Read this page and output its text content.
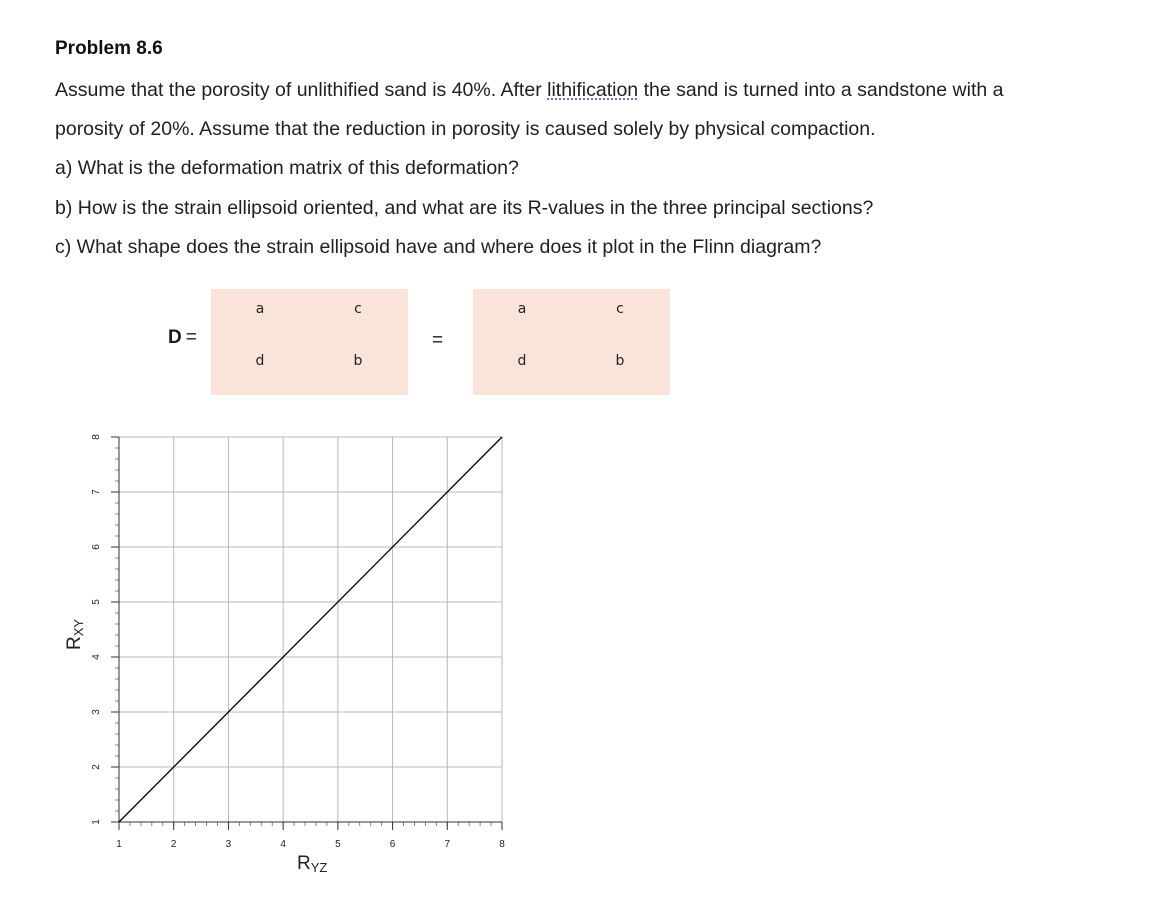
Problem 8.6
Assume that the porosity of unlithified sand is 40%. After lithification the sand is turned into a sandstone with a
porosity of 20%. Assume that the reduction in porosity is caused solely by physical compaction.
a) What is the deformation matrix of this deformation?
b) How is the strain ellipsoid oriented, and what are its R-values in the three principal sections?
c) What shape does the strain ellipsoid have and where does it plot in the Flinn diagram?
D =
a	c
d	b
=
a	c
d	b
1	2	3	4	5	6	7	8
1
2
3
4
5
6
7
8
RYZ
RXY
